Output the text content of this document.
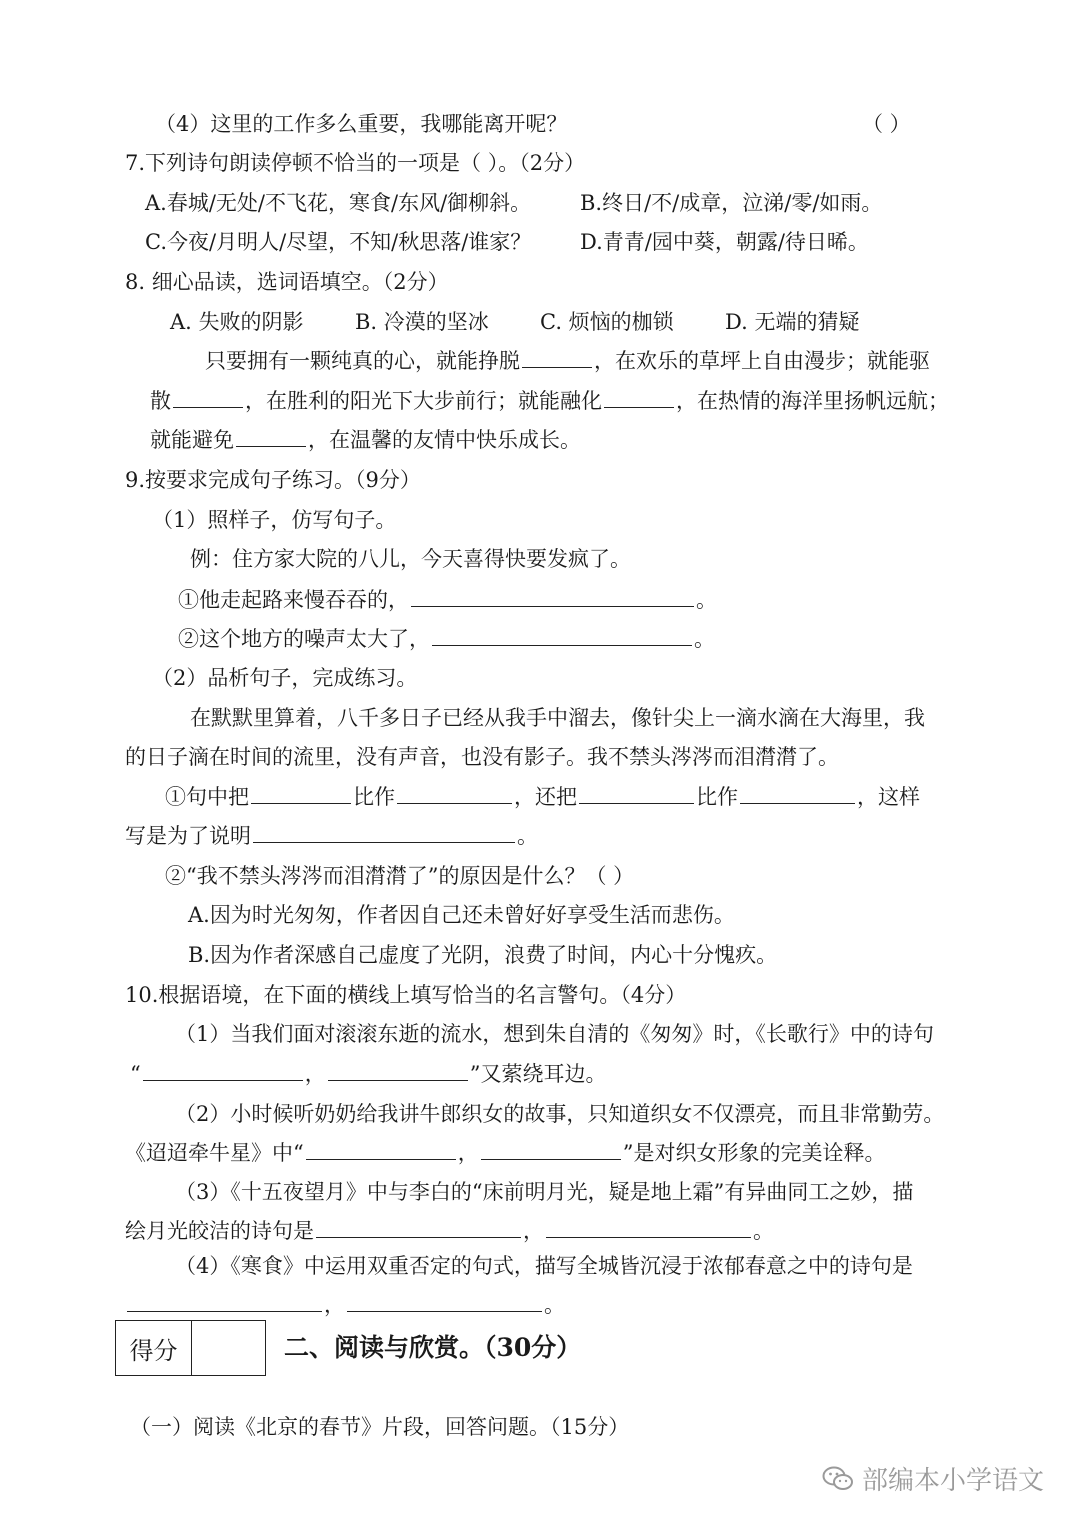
（4）这里的工作多么重要，我哪能离开呢？	（ ）
7.下列诗句朗读停顿不恰当的一项是（ ）。（2分）
A.春城/无处/不飞花，寒食/东风/御柳斜。 B.终日/不/成章，泣涕/零/如雨。
C.今夜/月明人/尽望，不知/秋思落/谁家？ D.青青/园中葵，朝露/待日晞。
8. 细心品读，选词语填空。（2分）
A. 失败的阴影 B. 冷漠的坚冰 C. 烦恼的枷锁 D. 无端的猜疑
只要拥有一颗纯真的心，就能挣脱	，在欢乐的草坪上自由漫步；就能驱
散	，在胜利的阳光下大步前行；就能融化	，在热情的海洋里扬帆远航；
就能避免	，在温馨的友情中快乐成长。
9.按要求完成句子练习。（9分）
（1）照样子，仿写句子。
例：住方家大院的八儿，今天喜得快要发疯了。
①他走起路来慢吞吞的，	。
②这个地方的噪声太大了，	。
（2）品析句子，完成练习。
在默默里算着，八千多日子已经从我手中溜去，像针尖上一滴水滴在大海里，我
的日子滴在时间的流里，没有声音，也没有影子。我不禁头涔涔而泪潸潸了。
①句中把	比作	，还把	比作	，这样
写是为了说明	。
②“我不禁头涔涔而泪潸潸了”的原因是什么？（ ）
A.因为时光匆匆，作者因自己还未曾好好享受生活而悲伤。
B.因为作者深感自己虚度了光阴，浪费了时间，内心十分愧疚。
10.根据语境，在下面的横线上填写恰当的名言警句。（4分）
（1）当我们面对滚滚东逝的流水，想到朱自清的《匆匆》时，《长歌行》中的诗句
“	，	”又萦绕耳边。
（2）小时候听奶奶给我讲牛郎织女的故事，只知道织女不仅漂亮，而且非常勤劳。
《迢迢牵牛星》中“	，	”是对织女形象的完美诠释。
（3）《十五夜望月》中与李白的“床前明月光，疑是地上霜”有异曲同工之妙，描
绘月光皎洁的诗句是	，	。
（4）《寒食》中运用双重否定的句式，描写全城皆沉浸于浓郁春意之中的诗句是
，	。
得分	二、阅读与欣赏。（30分）
（一）阅读《北京的春节》片段，回答问题。（15分）
部编本小学语文
